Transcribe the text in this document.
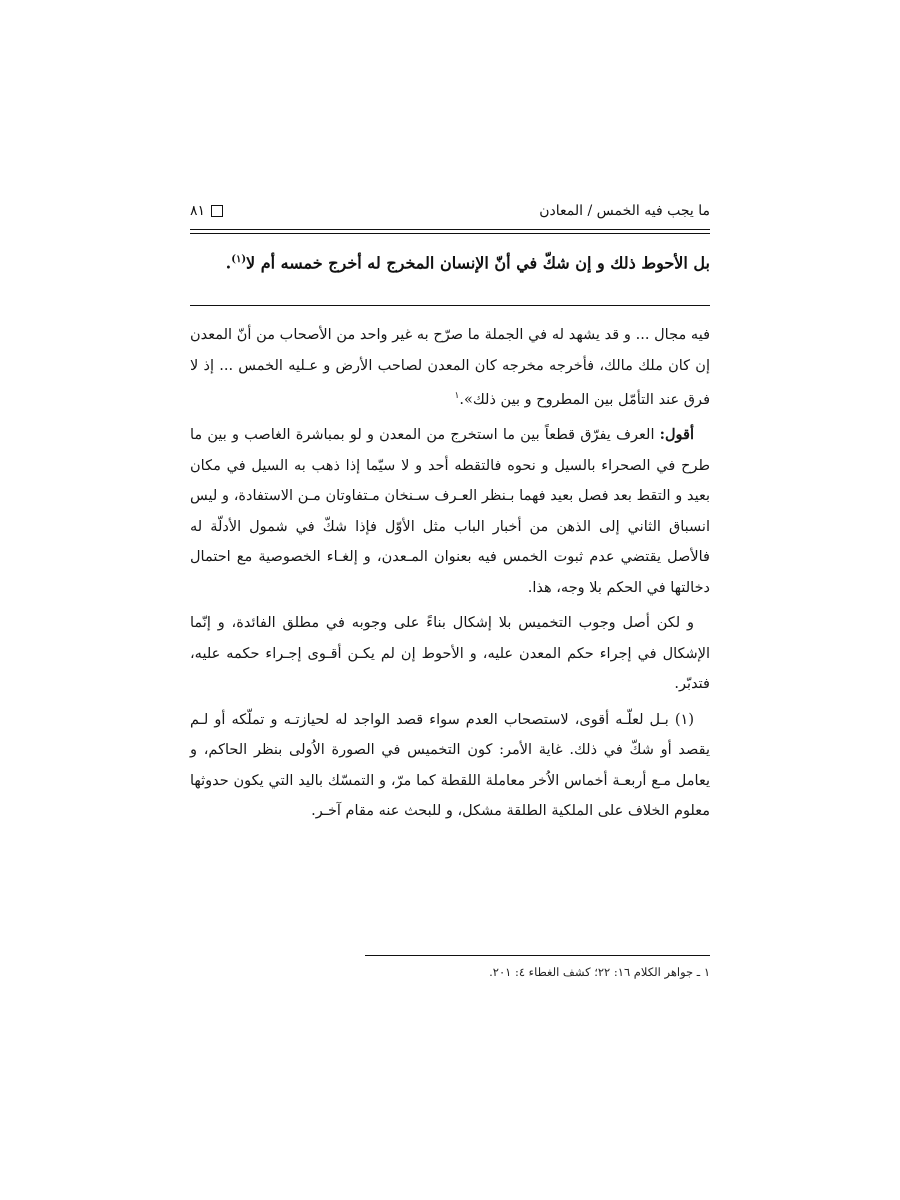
ما يجب فيه الخمس / المعادن
٨١
بل الأحوط ذلك و إن شكّ في أنّ الإنسان المخرج له أخرج خمسه أم لا$^{(١)}$.

فيه مجال ... و قد يشهد له في الجملة ما صرّح به غير واحد من الأصحاب من أنّ المعدن إن كان ملك مالك، فأخرجه مخرجه كان المعدن لصاحب الأرض و عـليه الخمس ... إذ لا فرق عند التأمّل بين المطروح و بين ذلك».$^١$

أقول: العرف يفرّق قطعاً بين ما استخرج من المعدن و لو بمباشرة الغاصب و بين ما طرح في الصحراء بالسيل و نحوه فالتقطه أحد و لا سيّما إذا ذهب به السيل في مكان بعيد و التقط بعد فصل بعيد فهما بـنظر العـرف سـنخان مـتفاوتان مـن الاستفادة، و ليس انسباق الثاني إلى الذهن من أخبار الباب مثل الأوّل فإذا شكّ في شمول الأدلّة له فالأصل يقتضي عدم ثبوت الخمس فيه بعنوان المـعدن، و إلغـاء الخصوصية مع احتمال دخالتها في الحكم بلا وجه، هذا.

و لكن أصل وجوب التخميس بلا إشكال بناءً على وجوبه في مطلق الفائدة، و إنّما الإشكال في إجراء حكم المعدن عليه، و الأحوط إن لم يكـن أقـوى إجـراء حكمه عليه، فتدبّر.

(١) بـل لعلّـه أقوى، لاستصحاب العدم سواء قصد الواجد له لحيازتـه و تملّكه أو لـم يقصد أو شكّ في ذلك. غاية الأمر: كون التخميس في الصورة الاُولى بنظر الحاكم، و يعامل مـع أربعـة أخماس الاُخر معاملة اللقطة كما مرّ، و التمسّك باليد التي يكون حدوثها معلوم الخلاف على الملكية الطلقة مشكل، و للبحث عنه مقام آخـر.

١ ـ جواهر الكلام ١٦: ٢٢؛ كشف الغطاء ٤: ٢٠١.
